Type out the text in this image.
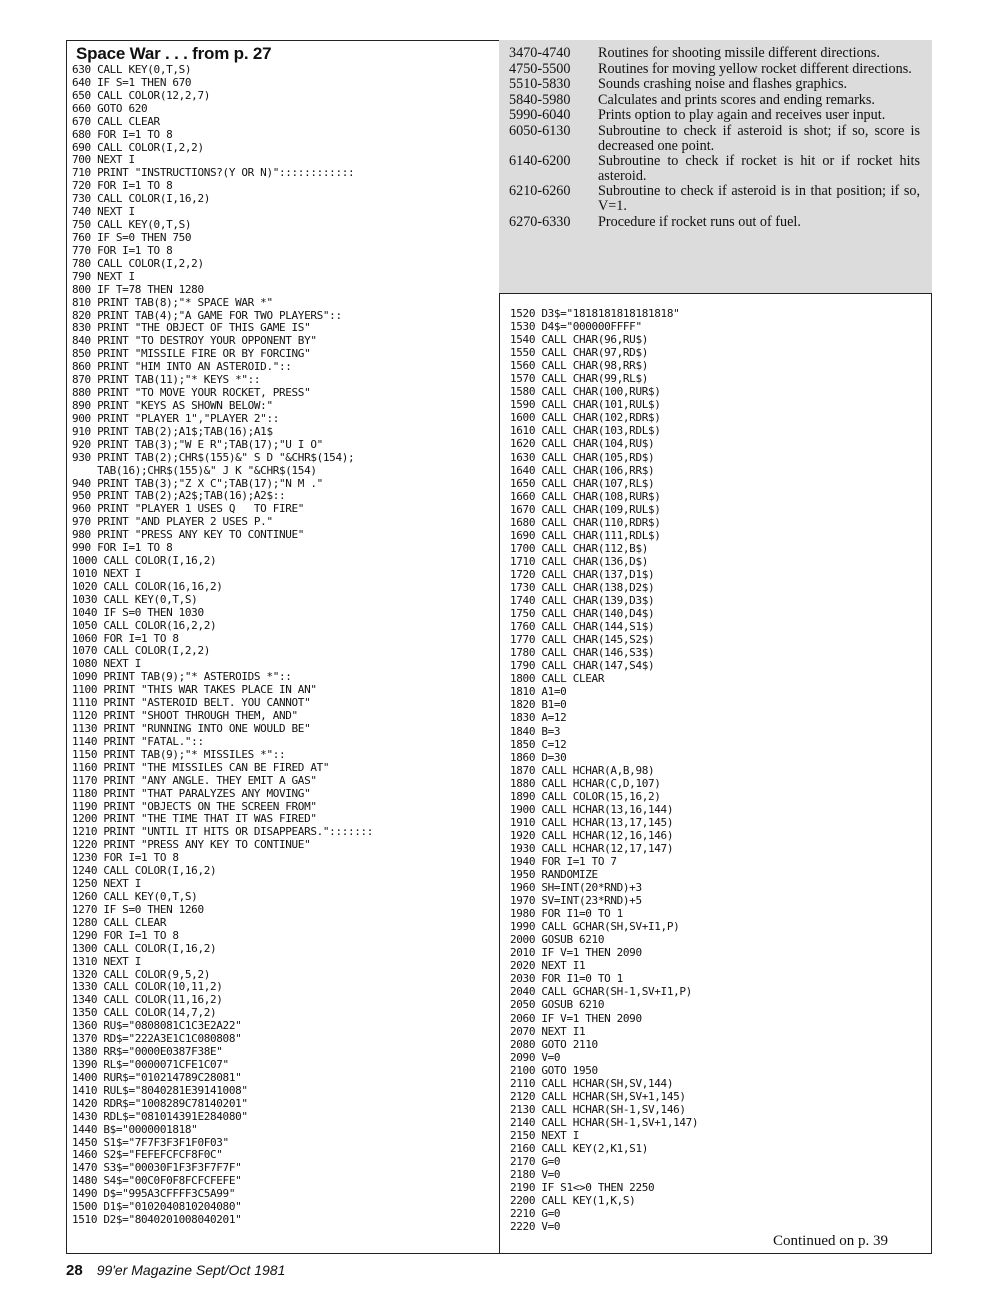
Space War . . . from p. 27
630 CALL KEY(0,T,S)
640 IF S=1 THEN 670
650 CALL COLOR(12,2,7)
660 GOTO 620
670 CALL CLEAR
680 FOR I=1 TO 8
690 CALL COLOR(I,2,2)
700 NEXT I
710 PRINT "INSTRUCTIONS?(Y OR N)"::::::::::::
720 FOR I=1 TO 8
730 CALL COLOR(I,16,2)
740 NEXT I
750 CALL KEY(0,T,S)
760 IF S=0 THEN 750
770 FOR I=1 TO 8
780 CALL COLOR(I,2,2)
790 NEXT I
800 IF T=78 THEN 1280
810 PRINT TAB(8);"* SPACE WAR *"
820 PRINT TAB(4);"A GAME FOR TWO PLAYERS"::
830 PRINT "THE OBJECT OF THIS GAME IS"
840 PRINT "TO DESTROY YOUR OPPONENT BY"
850 PRINT "MISSILE FIRE OR BY FORCING"
860 PRINT "HIM INTO AN ASTEROID."::
870 PRINT TAB(11);"* KEYS *"::
880 PRINT "TO MOVE YOUR ROCKET, PRESS"
890 PRINT "KEYS AS SHOWN BELOW:"
900 PRINT "PLAYER 1","PLAYER 2"::
910 PRINT TAB(2);A1$;TAB(16);A1$
920 PRINT TAB(3);"W E R";TAB(17);"U I O"
930 PRINT TAB(2);CHR$(155)&" S D "&CHR$(154);
TAB(16);CHR$(155)&" J K "&CHR$(154)
940 PRINT TAB(3);"Z X C";TAB(17);"N M ."
950 PRINT TAB(2);A2$;TAB(16);A2$::
960 PRINT "PLAYER 1 USES Q   TO FIRE"
970 PRINT "AND PLAYER 2 USES P."
980 PRINT "PRESS ANY KEY TO CONTINUE"
990 FOR I=1 TO 8
1000 CALL COLOR(I,16,2)
1010 NEXT I
1020 CALL COLOR(16,16,2)
1030 CALL KEY(0,T,S)
1040 IF S=0 THEN 1030
1050 CALL COLOR(16,2,2)
1060 FOR I=1 TO 8
1070 CALL COLOR(I,2,2)
1080 NEXT I
1090 PRINT TAB(9);"* ASTEROIDS *"::
1100 PRINT "THIS WAR TAKES PLACE IN AN"
1110 PRINT "ASTEROID BELT. YOU CANNOT"
1120 PRINT "SHOOT THROUGH THEM, AND"
1130 PRINT "RUNNING INTO ONE WOULD BE"
1140 PRINT "FATAL."::
1150 PRINT TAB(9);"* MISSILES *"::
1160 PRINT "THE MISSILES CAN BE FIRED AT"
1170 PRINT "ANY ANGLE. THEY EMIT A GAS"
1180 PRINT "THAT PARALYZES ANY MOVING"
1190 PRINT "OBJECTS ON THE SCREEN FROM"
1200 PRINT "THE TIME THAT IT WAS FIRED"
1210 PRINT "UNTIL IT HITS OR DISAPPEARS.":::::::
1220 PRINT "PRESS ANY KEY TO CONTINUE"
1230 FOR I=1 TO 8
1240 CALL COLOR(I,16,2)
1250 NEXT I
1260 CALL KEY(0,T,S)
1270 IF S=0 THEN 1260
1280 CALL CLEAR
1290 FOR I=1 TO 8
1300 CALL COLOR(I,16,2)
1310 NEXT I
1320 CALL COLOR(9,5,2)
1330 CALL COLOR(10,11,2)
1340 CALL COLOR(11,16,2)
1350 CALL COLOR(14,7,2)
1360 RU$="0808081C1C3E2A22"
1370 RD$="222A3E1C1C080808"
1380 RR$="0000E0387F38E"
1390 RL$="0000071CFE1C07"
1400 RUR$="010214789C28081"
1410 RUL$="8040281E39141008"
1420 RDR$="1008289C78140201"
1430 RDL$="081014391E284080"
1440 B$="0000001818"
1450 S1$="7F7F3F3F1F0F03"
1460 S2$="FEFEFCFCF8F0C"
1470 S3$="00030F1F3F3F7F7F"
1480 S4$="00C0F0F8FCFCFEFE"
1490 D$="995A3CFFFF3C5A99"
1500 D1$="0102040810204080"
1510 D2$="8040201008040201"
3470-4740	Routines for shooting missile different directions.
4750-5500	Routines for moving yellow rocket different directions.
5510-5830	Sounds crashing noise and flashes graphics.
5840-5980	Calculates and prints scores and ending remarks.
5990-6040	Prints option to play again and receives user input.
6050-6130	Subroutine to check if asteroid is shot; if so, score is decreased one point.
6140-6200	Subroutine to check if rocket is hit or if rocket hits asteroid.
6210-6260	Subroutine to check if asteroid is in that position; if so, V=1.
6270-6330	Procedure if rocket runs out of fuel.
1520 D3$="1818181818181818"
1530 D4$="000000FFFF"
1540 CALL CHAR(96,RU$)
1550 CALL CHAR(97,RD$)
1560 CALL CHAR(98,RR$)
1570 CALL CHAR(99,RL$)
1580 CALL CHAR(100,RUR$)
1590 CALL CHAR(101,RUL$)
1600 CALL CHAR(102,RDR$)
1610 CALL CHAR(103,RDL$)
1620 CALL CHAR(104,RU$)
1630 CALL CHAR(105,RD$)
1640 CALL CHAR(106,RR$)
1650 CALL CHAR(107,RL$)
1660 CALL CHAR(108,RUR$)
1670 CALL CHAR(109,RUL$)
1680 CALL CHAR(110,RDR$)
1690 CALL CHAR(111,RDL$)
1700 CALL CHAR(112,B$)
1710 CALL CHAR(136,D$)
1720 CALL CHAR(137,D1$)
1730 CALL CHAR(138,D2$)
1740 CALL CHAR(139,D3$)
1750 CALL CHAR(140,D4$)
1760 CALL CHAR(144,S1$)
1770 CALL CHAR(145,S2$)
1780 CALL CHAR(146,S3$)
1790 CALL CHAR(147,S4$)
1800 CALL CLEAR
1810 A1=0
1820 B1=0
1830 A=12
1840 B=3
1850 C=12
1860 D=30
1870 CALL HCHAR(A,B,98)
1880 CALL HCHAR(C,D,107)
1890 CALL COLOR(15,16,2)
1900 CALL HCHAR(13,16,144)
1910 CALL HCHAR(13,17,145)
1920 CALL HCHAR(12,16,146)
1930 CALL HCHAR(12,17,147)
1940 FOR I=1 TO 7
1950 RANDOMIZE
1960 SH=INT(20*RND)+3
1970 SV=INT(23*RND)+5
1980 FOR I1=0 TO 1
1990 CALL GCHAR(SH,SV+I1,P)
2000 GOSUB 6210
2010 IF V=1 THEN 2090
2020 NEXT I1
2030 FOR I1=0 TO 1
2040 CALL GCHAR(SH-1,SV+I1,P)
2050 GOSUB 6210
2060 IF V=1 THEN 2090
2070 NEXT I1
2080 GOTO 2110
2090 V=0
2100 GOTO 1950
2110 CALL HCHAR(SH,SV,144)
2120 CALL HCHAR(SH,SV+1,145)
2130 CALL HCHAR(SH-1,SV,146)
2140 CALL HCHAR(SH-1,SV+1,147)
2150 NEXT I
2160 CALL KEY(2,K1,S1)
2170 G=0
2180 V=0
2190 IF S1<>0 THEN 2250
2200 CALL KEY(1,K,S)
2210 G=0
2220 V=0
Continued on p. 39
28 99'er Magazine Sept/Oct 1981
